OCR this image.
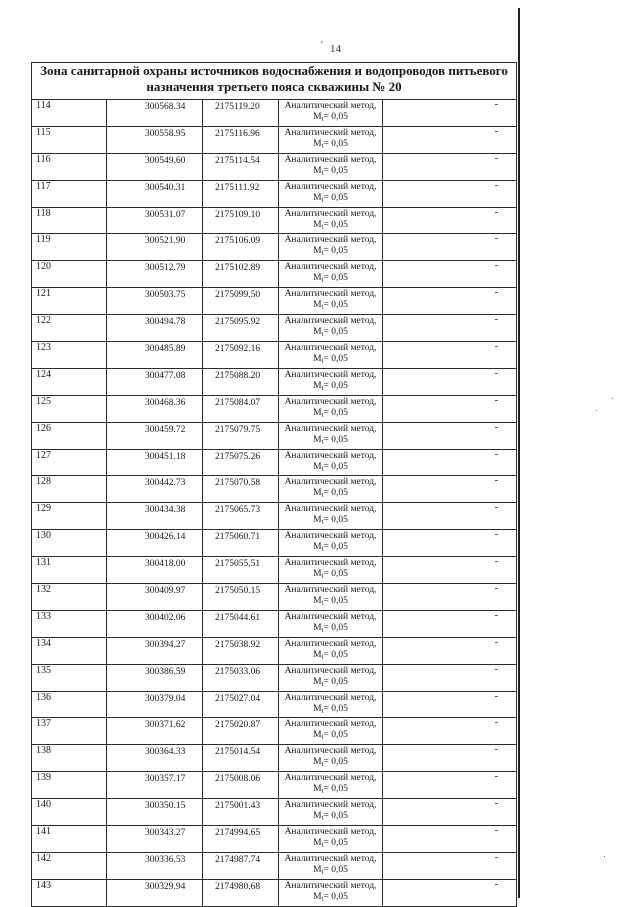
' 14
Зона санитарной охраны источников водоснабжения и водопроводов питьевого
назначения третьего пояса скважины № 20				

114	300568.34	2175119.20	Аналитический метод,
$M_t= 0,05$	-
115	300558.95	2175116.96	Аналитический метод,
$M_t= 0,05$	-
116	300549.60	2175114.54	Аналитический метод,
$M_t= 0,05$	-
117	300540.31	2175111.92	Аналитический метод,
$M_t= 0,05$	-
118	300531.07	2175109.10	Аналитический метод,
$M_t= 0,05$	-
119	300521.90	2175106.09	Аналитический метод,
$M_t= 0,05$	-
120	300512.79	2175102.89	Аналитический метод,
$M_t= 0,05$	-
121	300503.75	2175099.50	Аналитический метод,
$M_t= 0,05$	-
122	300494.78	2175095.92	Аналитический метод,
$M_t= 0,05$	-
123	300485.89	2175092.16	Аналитический метод,
$M_t= 0,05$	-
124	300477.08	2175088.20	Аналитический метод,
$M_t= 0,05$	-
125	300468.36	2175084.07	Аналитический метод,
$M_t= 0,05$	-
126	300459.72	2175079.75	Аналитический метод,
$M_t= 0,05$	-
127	300451.18	2175075.26	Аналитический метод,
$M_t= 0,05$	-
128	300442.73	2175070.58	Аналитический метод,
$M_t= 0,05$	-
129	300434.38	2175065.73	Аналитический метод,
$M_t= 0,05$	-
130	300426.14	2175060.71	Аналитический метод,
$M_t= 0,05$	-
131	300418.00	2175055.51	Аналитический метод,
$M_t= 0,05$	-
132	300409.97	2175050.15	Аналитический метод,
$M_t= 0,05$	-
133	300402.06	2175044.61	Аналитический метод,
$M_t= 0,05$	-
134	300394.27	2175038.92	Аналитический метод,
$M_t= 0,05$	-
135	300386.59	2175033.06	Аналитический метод,
$M_t= 0,05$	-
136	300379.04	2175027.04	Аналитический метод,
$M_t= 0,05$	-
137	300371.62	2175020.87	Аналитический метод,
$M_t= 0,05$	-
138	300364.33	2175014.54	Аналитический метод,
$M_t= 0,05$	-
139	300357.17	2175008.06	Аналитический метод,
$M_t= 0,05$	-
140	300350.15	2175001.43	Аналитический метод,
$M_t= 0,05$	-
141	300343.27	2174994.65	Аналитический метод,
$M_t= 0,05$	-
142	300336.53	2174987.74	Аналитический метод,
$M_t= 0,05$	-
143	300329.94	2174980.68	Аналитический метод,
$M_t= 0,05$	-
